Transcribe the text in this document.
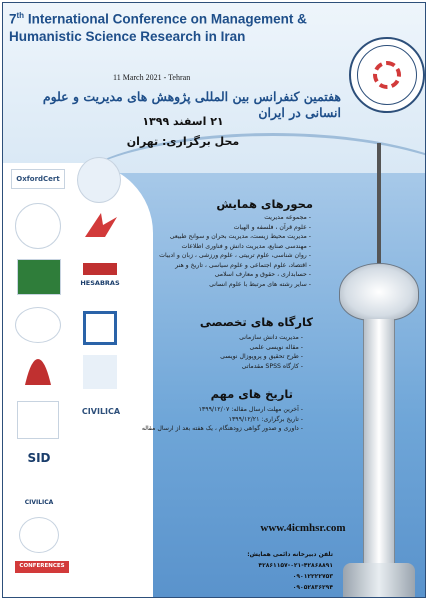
7th International Conference on Management &
Humanistic Science Research in Iran
11 March 2021 - Tehran
هفتمین کنفرانس بین المللی پژوهش های مدیریت و علوم انسانی در ایران
۲۱ اسفند ۱۳۹۹
محل برگزاری: تهران
OxfordCert
HESABRAS
CIVILICA
SID
CIVILICA
CONFERENCES
محورهای همایش
- مجموعه مدیریت
- علوم قرآن ، فلسفه و الهیات
- مدیریت محیط زیست، مدیریت بحران و سوانح طبیعی
- مهندسی صنایع، مدیریت دانش و فناوری اطلاعات
- روان شناسی، علوم تربیتی ، علوم ورزشی ، زبان و ادبیات
- اقتصاد، علوم اجتماعی و علوم سیاسی ، تاریخ و هنر
- حسابداری ، حقوق و معارف اسلامی
- سایر رشته های مرتبط با علوم انسانی
کارگاه های تخصصی
- مدیریت دانش سازمانی
- مقاله نویسی علمی
- طرح تحقیق و پروپوزال نویسی
- کارگاه SPSS مقدماتی
تاریخ های مهم
- آخرین مهلت ارسال مقاله: ۱۳۹۹/۱۲/۰۷
- تاریخ برگزاری: ۱۳۹۹/۱۲/۲۱
- داوری و صدور گواهی زودهنگام ، یک هفته بعد از ارسال مقاله
www.4icmhsr.com
تلفن دبیرخانه دائمی همایش: ۴۲۸۶۸۸۹۱-۰۲۱-۴۲۸۶۱۱۵۷
۰۹۰۱۲۲۲۲۷۵۳
۰۹۰۵۲۸۳۶۲۹۴
